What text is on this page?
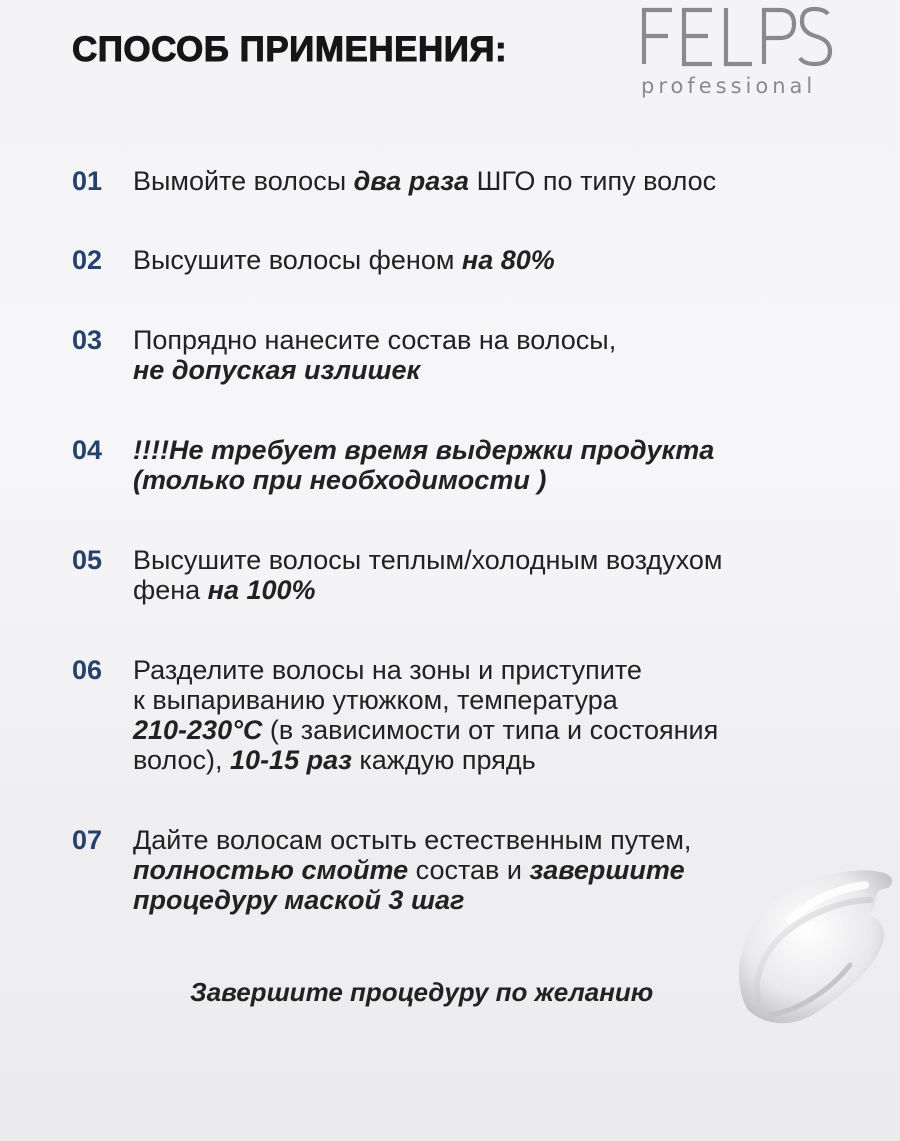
СПОСОБ ПРИМЕНЕНИЯ:
professional
01	Вымойте волосы два раза ШГО по типу волос
02	Высушите волосы феном на 80%
03	Попрядно нанесите состав на волосы,
не допуская излишек
04	!!!!Не требует время выдержки продукта
(только при необходимости )
05	Высушите волосы теплым/холодным воздухом
фена на 100%
06	Разделите волосы на зоны и приступите
к выпариванию утюжком, температура
210-230°С (в зависимости от типа и состояния
волос), 10-15 раз каждую прядь
07	Дайте волосам остыть естественным путем,
полностью смойте состав и завершите
процедуру маской 3 шаг
Завершите процедуру по желанию
